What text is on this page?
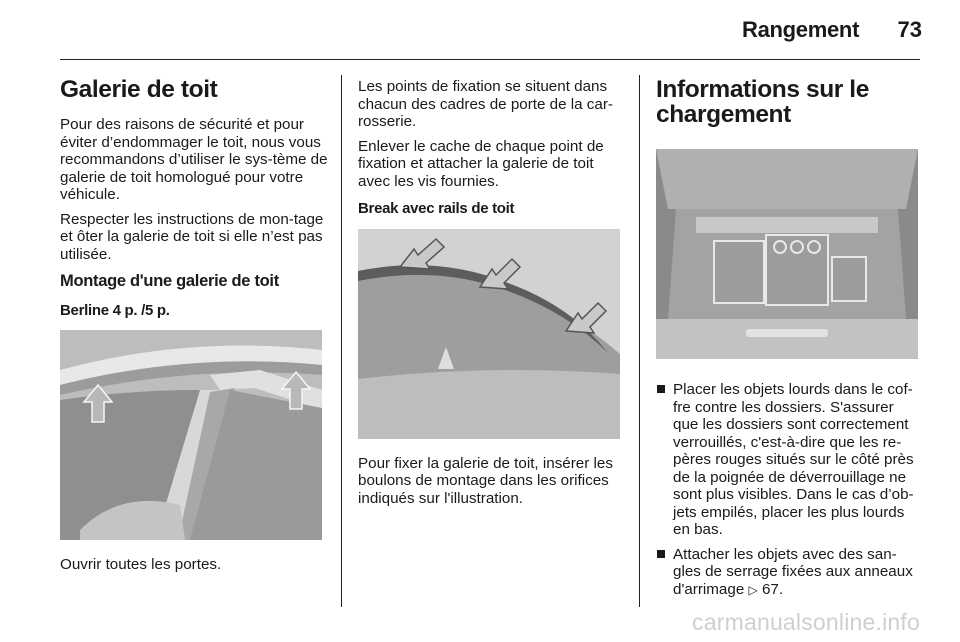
Rangement 73
Galerie de toit

Pour des raisons de sécurité et pour éviter d’endommager le toit, nous vous recommandons d’utiliser le sys-tème de galerie de toit homologué pour votre véhicule.

Respecter les instructions de mon-tage et ôter la galerie de toit si elle n’est pas utilisée.

Montage d'une galerie de toit
Berline 4 p. /5 p.

Ouvrir toutes les portes.

Les points de fixation se situent dans chacun des cadres de porte de la car-rosserie.

Enlever le cache de chaque point de fixation et attacher la galerie de toit avec les vis fournies.

Break avec rails de toit

Pour fixer la galerie de toit, insérer les boulons de montage dans les orifices indiqués sur l'illustration.

Informations sur le chargement
Placer les objets lourds dans le cof-fre contre les dossiers. S'assurer que les dossiers sont correctement verrouillés, c'est-à-dire que les re-pères rouges situés sur le côté près de la poignée de déverrouillage ne sont plus visibles. Dans le cas d’ob-jets empilés, placer les plus lourds en bas.
Attacher les objets avec des san-gles de serrage fixées aux anneaux d'arrimage ▷ 67.
carmanualsonline.info
